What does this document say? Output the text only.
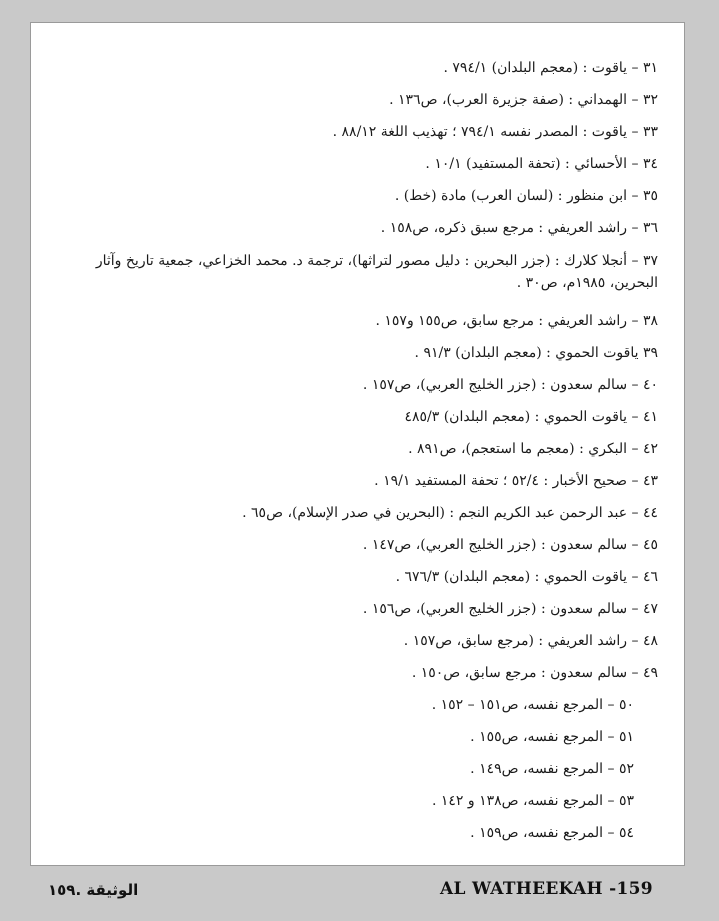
٣١ – ياقوت : (معجم البلدان) ٧٩٤/١ .
٣٢ – الهمداني : (صفة جزيرة العرب)، ص١٣٦ .
٣٣ – ياقوت : المصدر نفسه ٧٩٤/١ ؛ تهذيب اللغة ٨٨/١٢ .
٣٤ – الأحسائي : (تحفة المستفيد) ١٠/١ .
٣٥ – ابن منظور : (لسان العرب) مادة (خط) .
٣٦ – راشد العريفي : مرجع سبق ذكره، ص١٥٨ .
٣٧ – أنجلا كلارك : (جزر البحرين : دليل مصور لتراثها)، ترجمة د. محمد الخزاعي، جمعية تاريخ وآثار البحرين، ١٩٨٥م، ص٣٠ .
٣٨ – راشد العريفي : مرجع سابق، ص١٥٥ و١٥٧ .
٣٩ ياقوت الحموي : (معجم البلدان) ٩١/٣ .
٤٠ – سالم سعدون : (جزر الخليج العربي)، ص١٥٧ .
٤١ – ياقوت الحموي : (معجم البلدان) ٤٨٥/٣
٤٢ – البكري : (معجم ما استعجم)، ص٨٩١ .
٤٣ – صحيح الأخبار : ٥٢/٤ ؛ تحفة المستفيد ١٩/١ .
٤٤ – عبد الرحمن عبد الكريم النجم : (البحرين في صدر الإسلام)، ص٦٥ .
٤٥ – سالم سعدون : (جزر الخليج العربي)، ص١٤٧ .
٤٦ – ياقوت الحموي : (معجم البلدان) ٦٧٦/٣ .
٤٧ – سالم سعدون : (جزر الخليج العربي)، ص١٥٦ .
٤٨ – راشد العريفي : (مرجع سابق، ص١٥٧ .
٤٩ – سالم سعدون : مرجع سابق، ص١٥٠ .
٥٠ – المرجع نفسه، ص١٥١ – ١٥٢ .
٥١ – المرجع نفسه، ص١٥٥ .
٥٢ – المرجع نفسه، ص١٤٩ .
٥٣ – المرجع نفسه، ص١٣٨ و ١٤٢ .
٥٤ – المرجع نفسه، ص١٥٩ .
الوثيقة .١٥٩	AL WATHEEKAH -159
